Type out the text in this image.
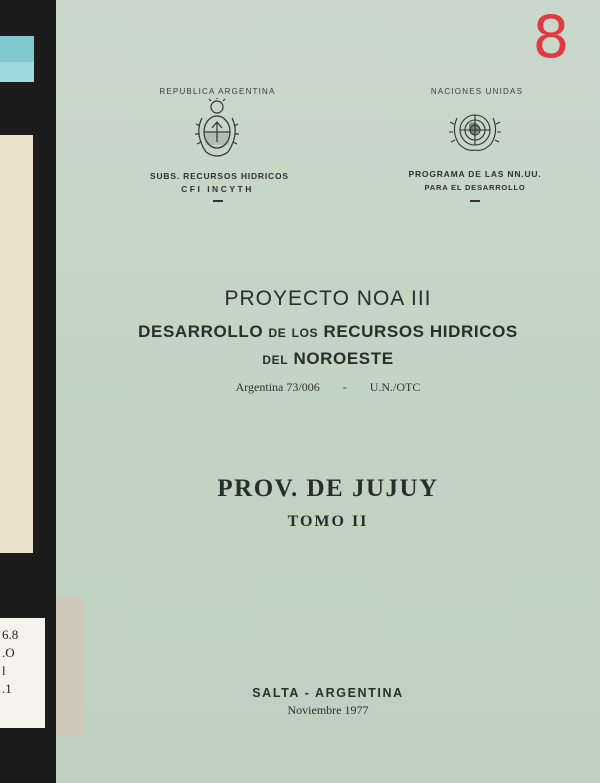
6.8
.O
l
.1
8
REPUBLICA ARGENTINA
SUBS. RECURSOS HIDRICOS
CFI INCYTH
NACIONES UNIDAS
PROGRAMA DE LAS NN.UU.
PARA EL DESARROLLO
PROYECTO NOA III
DESARROLLO de los RECURSOS HIDRICOS
del NOROESTE
Argentina 73/006 - U.N./OTC
PROV. DE JUJUY
TOMO II
SALTA - ARGENTINA
Noviembre 1977
